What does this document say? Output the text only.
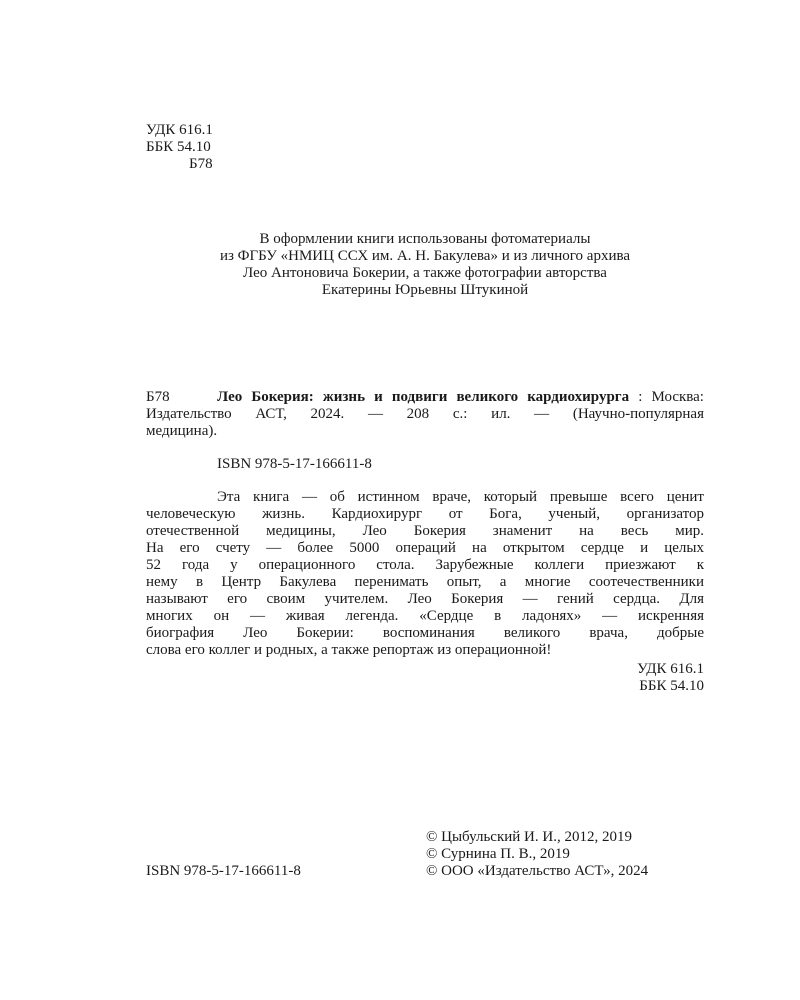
УДК 616.1
ББК 54.10
Б78
В оформлении книги использованы фотоматериалы
из ФГБУ «НМИЦ ССХ им. А. Н. Бакулева» и из личного архива
Лео Антоновича Бокерии, а также фотографии авторства
Екатерины Юрьевны Штукиной
Б78	Лео Бокерия: жизнь и подвиги великого кардиохирурга : Москва:
Издательство АСТ, 2024. — 208 с.: ил. — (Научно-популярная
медицина).
ISBN 978-5-17-166611-8
Эта книга — об истинном враче, который превыше всего ценит
человеческую жизнь. Кардиохирург от Бога, ученый, организатор
отечественной медицины, Лео Бокерия знаменит на весь мир.
На его счету — более 5000 операций на открытом сердце и целых
52 года у операционного стола. Зарубежные коллеги приезжают к
нему в Центр Бакулева перенимать опыт, а многие соотечественники
называют его своим учителем. Лео Бокерия — гений сердца. Для
многих он — живая легенда. «Сердце в ладонях» — искренняя
биография Лео Бокерии: воспоминания великого врача, добрые
слова его коллег и родных, а также репортаж из операционной!
УДК 616.1
ББК 54.10
© Цыбульский И. И., 2012, 2019
© Сурнина П. В., 2019
© ООО «Издательство АСТ», 2024
ISBN 978-5-17-166611-8
